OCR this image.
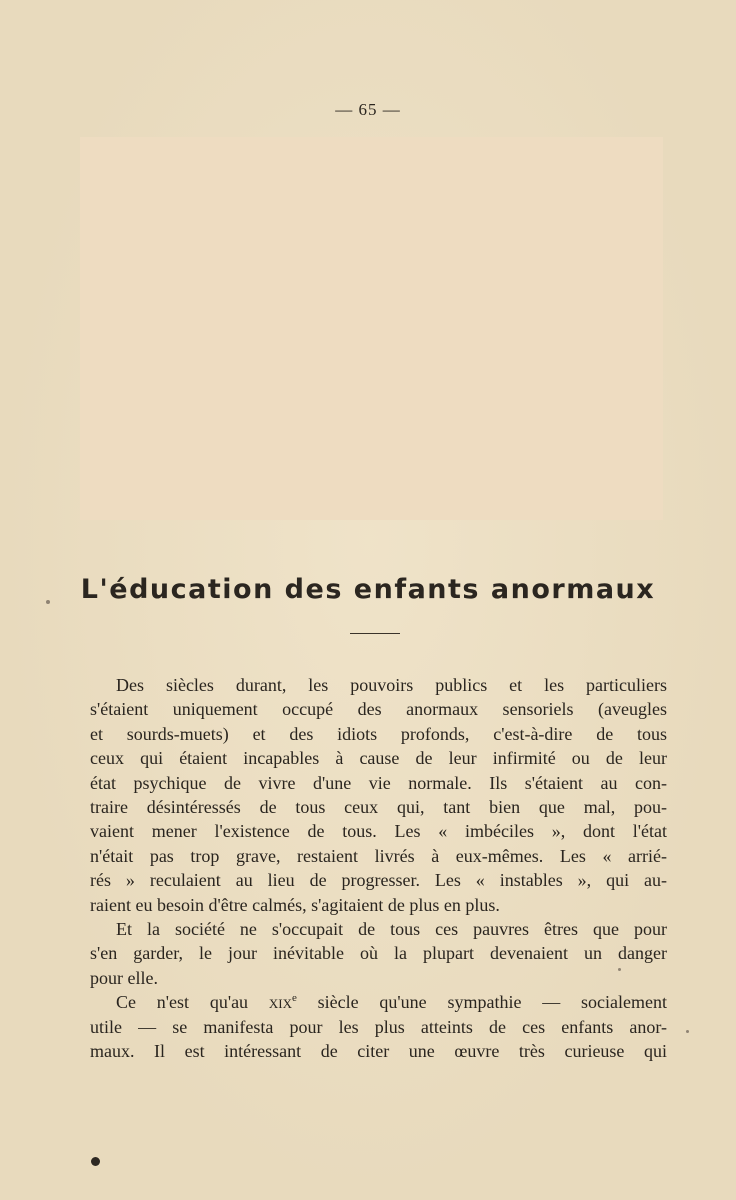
— 65 —
L'éducation des enfants anormaux
Des siècles durant, les pouvoirs publics et les particuliers
s'étaient uniquement occupé des anormaux sensoriels (aveugles
et sourds-muets) et des idiots profonds, c'est-à-dire de tous
ceux qui étaient incapables à cause de leur infirmité ou de leur
état psychique de vivre d'une vie normale. Ils s'étaient au con-
traire désintéressés de tous ceux qui, tant bien que mal, pou-
vaient mener l'existence de tous. Les « imbéciles », dont l'état
n'était pas trop grave, restaient livrés à eux-mêmes. Les « arrié-
rés » reculaient au lieu de progresser. Les « instables », qui au-
raient eu besoin d'être calmés, s'agitaient de plus en plus.
Et la société ne s'occupait de tous ces pauvres êtres que pour
s'en garder, le jour inévitable où la plupart devenaient un danger
pour elle.
Ce n'est qu'au xix$^e$ siècle qu'une sympathie — socialement
utile — se manifesta pour les plus atteints de ces enfants anor-
maux. Il est intéressant de citer une œuvre très curieuse qui
